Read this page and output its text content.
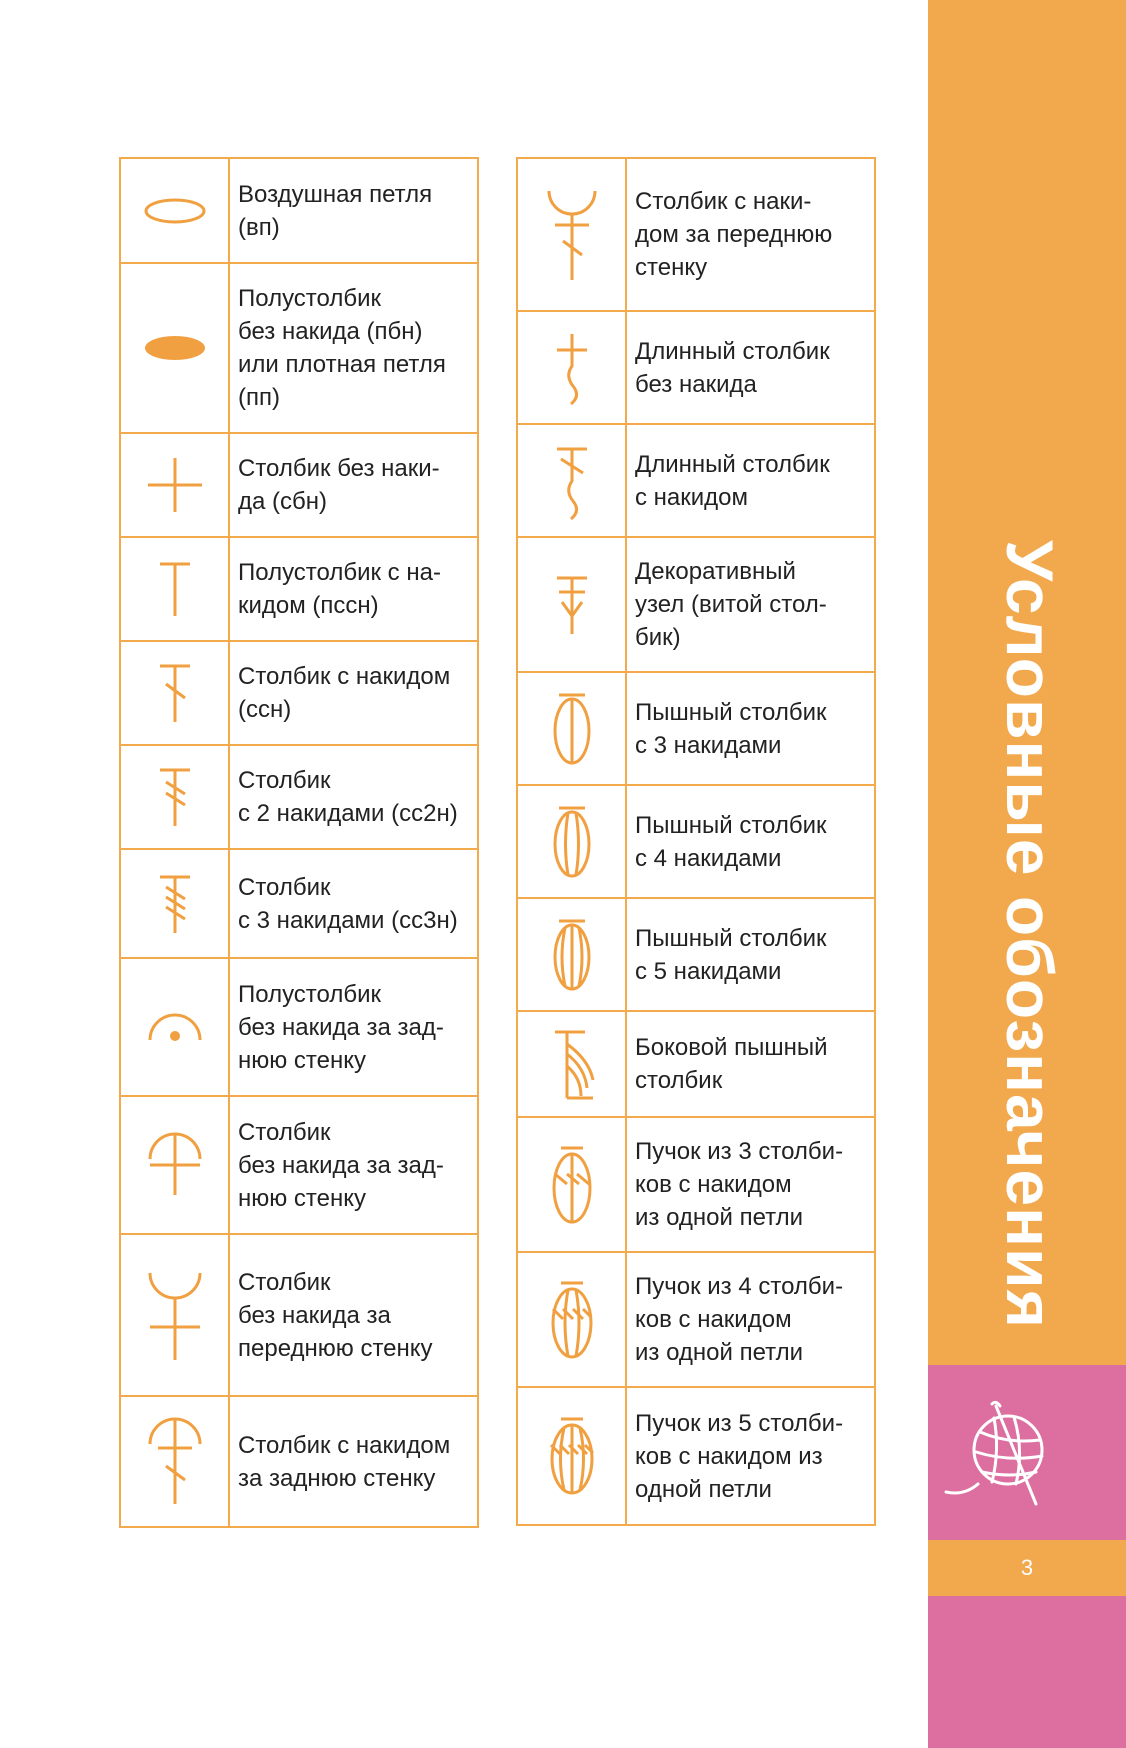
	Воздушная петля
(вп)

	Полустолбик
без накида (пбн)
или плотная петля
(пп)

	Столбик без наки-
да (сбн)

	Полустолбик с на-
кидом (пссн)

	Столбик с накидом
(ссн)

	Столбик
с 2 накидами (сс2н)

	Столбик
с 3 накидами (сс3н)

	Полустолбик
без накида за зад-
нюю стенку

	Столбик
без накида за зад-
нюю стенку

	Столбик
без накида за
переднюю стенку

	Столбик с накидом
за заднюю стенку
	Столбик с наки-
дом за переднюю
стенку

	Длинный столбик
без накида

	Длинный столбик
с накидом

	Декоративный
узел (витой стол-
бик)

	Пышный столбик
с 3 накидами

	Пышный столбик
с 4 накидами

	Пышный столбик
с 5 накидами

	Боковой пышный
столбик

	Пучок из 3 столби-
ков с накидом
из одной петли

	Пучок из 4 столби-
ков с накидом
из одной петли

	Пучок из 5 столби-
ков с накидом из
одной петли
Условные обозначения
3
